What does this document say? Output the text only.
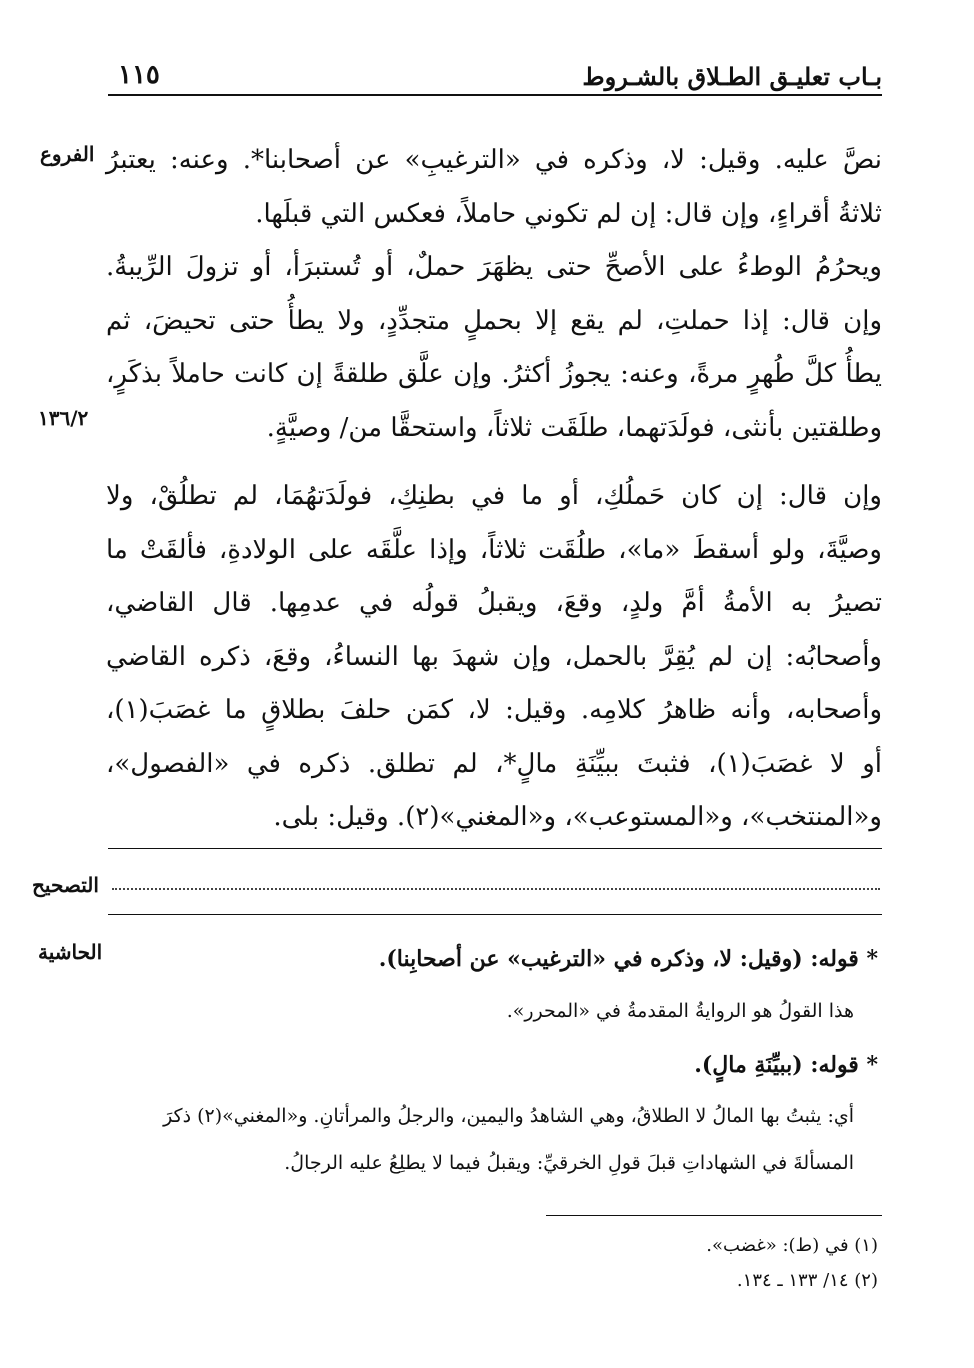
بـاب تعليـق الطـلاق بالشـروط
١١٥
الفروع
١٣٦/٢

نصَّ عليه. وقيل: لا، وذكره في «الترغيبِ» عن أصحابنا*. وعنه: يعتبرُ

ثلاثةُ أقراءٍ، وإن قال: إن لم تكوني حاملاً، فعكس التي قبلَها.

ويحرُمُ الوطءُ على الأصحِّ حتى يظهَرَ حملٌ، أو تُستبرَأ، أو تزولَ الرِّيبةُ.

وإن قال: إذا حملتِ، لم يقع إلا بحملٍ متجدِّدٍ، ولا يطأُ حتى تحيضَ، ثم

يطأُ كلَّ طُهرٍ مرةً، وعنه: يجوزُ أكثرُ. وإن علَّق طلقةً إن كانت حاملاً بذكَرٍ،

وطلقتين بأنثى، فولَدَتهما، طلَقَت ثلاثاً، واستحقَّا من/ وصيَّةٍ.

وإن قال: إن كان حَملُكِ، أو ما في بطنِكِ، فولَدَتهُمَا، لم تطلُقْ، ولا

وصيَّةَ، ولو أسقطَ «ما»، طلُقَت ثلاثاً، وإذا علَّقَه على الولادةِ، فألقَتْ ما

تصيرُ به الأمةُ أمَّ ولدٍ، وقعَ، ويقبلُ قولُه في عدمِها. قال القاضي،

وأصحابُه: إن لم يُقِرَّ بالحمل، وإن شهدَ بها النساءُ، وقعَ، ذكره القاضي

وأصحابه، وأنه ظاهرُ كلامِه. وقيل: لا، كمَن حلفَ بطلاقٍ ما غصَبَ(١)،

أو لا غصَبَ(١)، فثبتَ ببيِّنَةِ مالٍ*، لم تطلق. ذكره في «الفصول»،

و«المنتخب»، و«المستوعب»، و«المغني»(٢). وقيل: بلى.

التصحيح
الحاشية	* قوله: (وقيل: لا، وذكره في «الترغيب» عن أصحابِنا).
هذا القولُ هو الروايةُ المقدمةُ في «المحرر».
* قوله: (ببيِّنَةِ مالٍ).
أي: يثبتُ بها المالُ لا الطلاقُ، وهي الشاهدُ واليمين، والرجلُ والمرأتانِ. و«المغني»(٢) ذكرَ
المسألةَ في الشهاداتِ قبلَ قولِ الخرقيِّ: ويقبلُ فيما لا يطلِعُ عليه الرجالُ.
(١) في (ط): «غضب».
(٢) ١٤/ ١٣٣ ـ ١٣٤.
